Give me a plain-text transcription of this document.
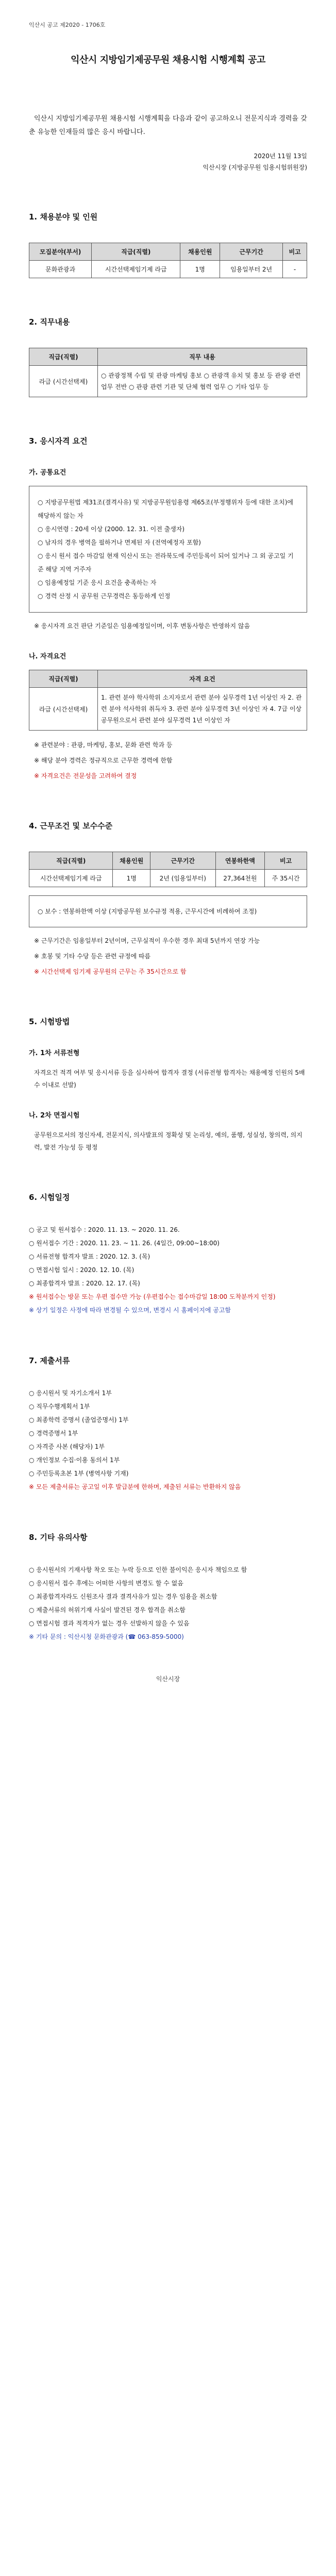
익산시 공고 제2020 - 1706호
익산시 지방임기제공무원 채용시험 시행계획 공고
익산시 지방임기제공무원 채용시험 시행계획을 다음과 같이 공고하오니 전문지식과 경력을 갖춘 유능한 인재들의 많은 응시 바랍니다.
2020년 11월 13일
익산시장 (지방공무원 임용시험위원장)
1. 채용분야 및 인원
모집분야(부서)	직급(직렬)	채용인원	근무기간	비고
문화관광과	시간선택제임기제 라급	1명	임용일부터 2년	-
2. 직무내용
직급(직렬)	직무 내용
라급 (시간선택제)	○ 관광정책 수립 및 관광 마케팅 홍보 ○ 관광객 유치 및 홍보 등 관광 관련 업무 전반 ○ 관광 관련 기관 및 단체 협력 업무 ○ 기타 업무 등
3. 응시자격 요건
가. 공통요건

○ 지방공무원법 제31조(결격사유) 및 지방공무원임용령 제65조(부정행위자 등에 대한 조치)에 해당하지 않는 자

○ 응시연령 : 20세 이상 (2000. 12. 31. 이전 출생자)

○ 남자의 경우 병역을 필하거나 면제된 자 (전역예정자 포함)

○ 응시 원서 접수 마감일 현재 익산시 또는 전라북도에 주민등록이 되어 있거나 그 외 공고일 기준 해당 지역 거주자

○ 임용예정일 기준 응시 요건을 충족하는 자

○ 경력 산정 시 공무원 근무경력은 동등하게 인정

※ 응시자격 요건 판단 기준일은 임용예정일이며, 이후 변동사항은 반영하지 않음
나. 자격요건
직급(직렬)	자격 요건
라급 (시간선택제)	1. 관련 분야 학사학위 소지자로서 관련 분야 실무경력 1년 이상인 자 2. 관련 분야 석사학위 취득자 3. 관련 분야 실무경력 3년 이상인 자 4. 7급 이상 공무원으로서 관련 분야 실무경력 1년 이상인 자
※ 관련분야 : 관광, 마케팅, 홍보, 문화 관련 학과 등
※ 해당 분야 경력은 정규직으로 근무한 경력에 한함
※ 자격요건은 전문성을 고려하여 결정
4. 근무조건 및 보수수준
직급(직렬)	채용인원	근무기간	연봉하한액	비고
시간선택제임기제 라급	1명	2년 (임용일부터)	27,364천원	주 35시간
○ 보수 : 연봉하한액 이상 (지방공무원 보수규정 적용, 근무시간에 비례하여 조정)
※ 근무기간은 임용일부터 2년이며, 근무실적이 우수한 경우 최대 5년까지 연장 가능
※ 호봉 및 기타 수당 등은 관련 규정에 따름
※ 시간선택제 임기제 공무원의 근무는 주 35시간으로 함
5. 시험방법
가. 1차 서류전형
자격요건 적격 여부 및 응시서류 등을 심사하여 합격자 결정 (서류전형 합격자는 채용예정 인원의 5배수 이내로 선발)
나. 2차 면접시험
공무원으로서의 정신자세, 전문지식, 의사발표의 정확성 및 논리성, 예의, 품행, 성실성, 창의력, 의지력, 발전 가능성 등 평정
6. 시험일정

○ 공고 및 원서접수 : 2020. 11. 13. ~ 2020. 11. 26.

○ 원서접수 기간 : 2020. 11. 23. ~ 11. 26. (4일간, 09:00~18:00)

○ 서류전형 합격자 발표 : 2020. 12. 3. (목)

○ 면접시험 일시 : 2020. 12. 10. (목)

○ 최종합격자 발표 : 2020. 12. 17. (목)

※ 원서접수는 방문 또는 우편 접수만 가능 (우편접수는 접수마감일 18:00 도착분까지 인정)

※ 상기 일정은 사정에 따라 변경될 수 있으며, 변경시 시 홈페이지에 공고함

7. 제출서류

○ 응시원서 및 자기소개서 1부

○ 직무수행계획서 1부

○ 최종학력 증명서 (졸업증명서) 1부

○ 경력증명서 1부

○ 자격증 사본 (해당자) 1부

○ 개인정보 수집·이용 동의서 1부

○ 주민등록초본 1부 (병역사항 기재)

※ 모든 제출서류는 공고일 이후 발급분에 한하며, 제출된 서류는 반환하지 않음

8. 기타 유의사항

○ 응시원서의 기재사항 착오 또는 누락 등으로 인한 불이익은 응시자 책임으로 함

○ 응시원서 접수 후에는 어떠한 사항의 변경도 할 수 없음

○ 최종합격자라도 신원조사 결과 결격사유가 있는 경우 임용을 취소함

○ 제출서류의 허위기재 사실이 발견된 경우 합격을 취소함

○ 면접시험 결과 적격자가 없는 경우 선발하지 않을 수 있음

※ 기타 문의 : 익산시청 문화관광과 (☎ 063-859-5000)

익산시장
